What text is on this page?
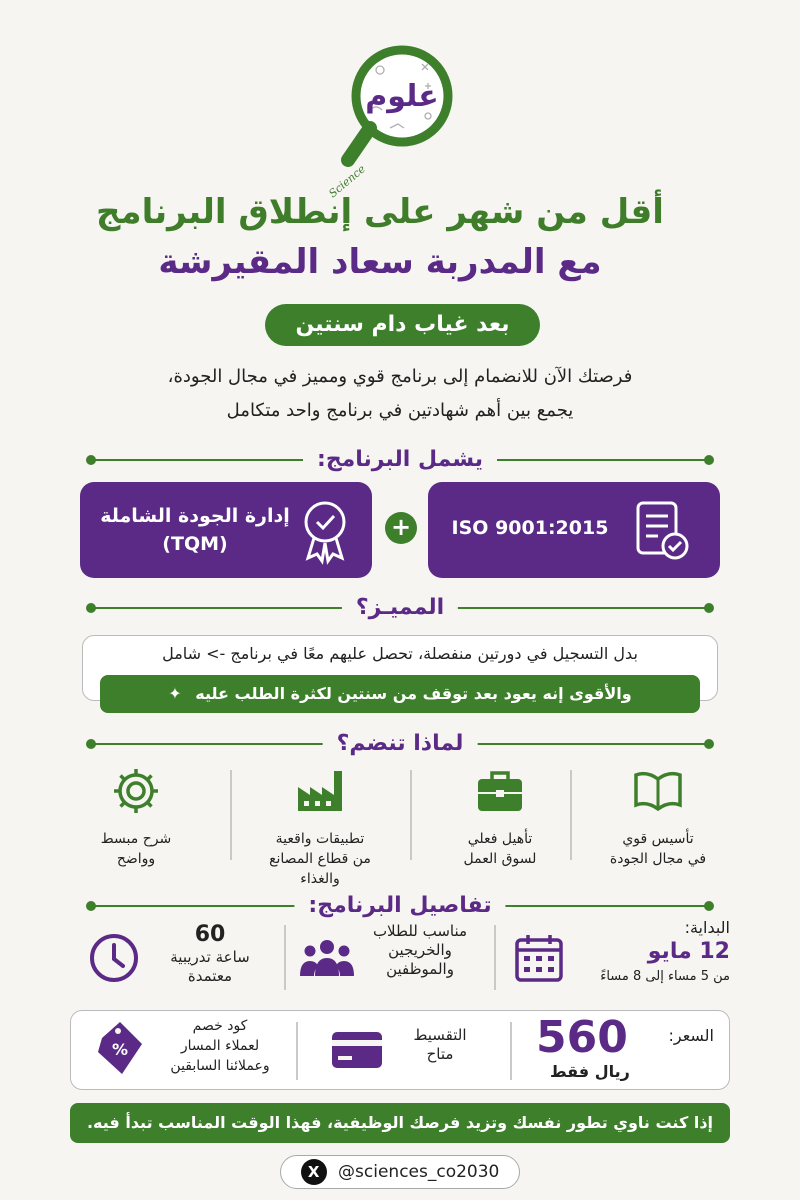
علوم
Science
أقل من شهر على إنطلاق البرنامج
مع المدربة سعاد المقيرشة
بعد غياب دام سنتين
فرصتك الآن للانضمام إلى برنامج قوي ومميز في مجال الجودة،
يجمع بين أهم شهادتين في برنامج واحد متكامل
يشمل البرنامج:
ISO 9001:2015
+
إدارة الجودة الشاملة
(TQM)
المميـز؟
بدل التسجيل في دورتين منفصلة، تحصل عليهم معًا في برنامج -> شامل
والأقوى إنه يعود بعد توقف من سنتين لكثرة الطلب عليه ✦
لماذا تنضم؟
تأسيس قوي
في مجال الجودة
تأهيل فعلي
لسوق العمل
تطبيقات واقعية
من قطاع المصانع
والغذاء
شرح مبسط
وواضح
تفاصيل البرنامج:
البداية:
12 مايو
من 5 مساء إلى 8 مساءً
مناسب للطلاب
والخريجين
والموظفين
60
ساعة تدريبية
معتمدة
السعر:
560
ريال فقط
التقسيط
متاح
%
كود خصم
لعملاء المسار
وعملائنا السابقين
إذا كنت ناوي تطور نفسك وتزيد فرصك الوظيفية، فهذا الوقت المناسب تبدأ فيه.
X @sciences_co2030
